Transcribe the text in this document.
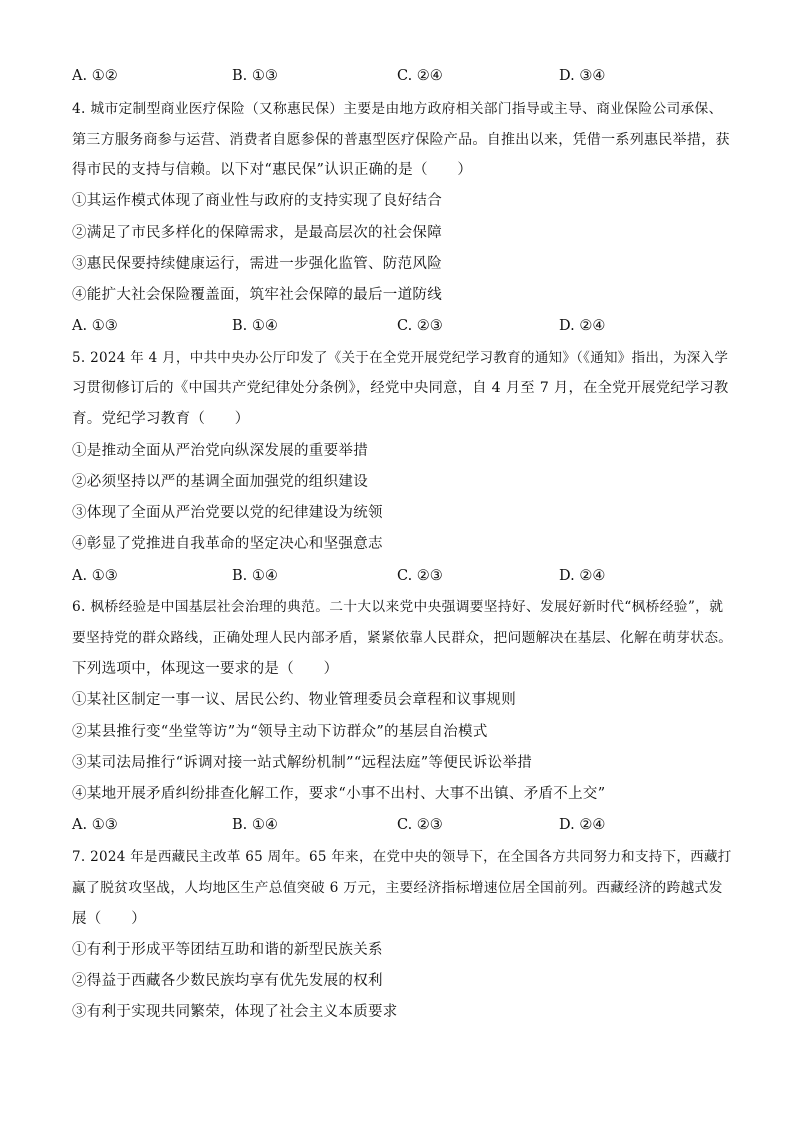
A. ①②	B. ①③	C. ②④	D. ③④
4. 城市定制型商业医疗保险（又称惠民保）主要是由地方政府相关部门指导或主导、商业保险公司承保、
第三方服务商参与运营、消费者自愿参保的普惠型医疗保险产品。自推出以来，凭借一系列惠民举措，获
得市民的支持与信赖。以下对“惠民保”认识正确的是（　　）
①其运作模式体现了商业性与政府的支持实现了良好结合
②满足了市民多样化的保障需求，是最高层次的社会保障
③惠民保要持续健康运行，需进一步强化监管、防范风险
④能扩大社会保险覆盖面，筑牢社会保障的最后一道防线
A. ①③	B. ①④	C. ②③	D. ②④
5. 2024 年 4 月，中共中央办公厅印发了《关于在全党开展党纪学习教育的通知》（《通知》指出，为深入学
习贯彻修订后的《中国共产党纪律处分条例》，经党中央同意，自 4 月至 7 月，在全党开展党纪学习教
育。党纪学习教育（　　）
①是推动全面从严治党向纵深发展的重要举措
②必须坚持以严的基调全面加强党的组织建设
③体现了全面从严治党要以党的纪律建设为统领
④彰显了党推进自我革命的坚定决心和坚强意志
A. ①③	B. ①④	C. ②③	D. ②④
6. 枫桥经验是中国基层社会治理的典范。二十大以来党中央强调要坚持好、发展好新时代“枫桥经验”，就
要坚持党的群众路线，正确处理人民内部矛盾，紧紧依靠人民群众，把问题解决在基层、化解在萌芽状态。
下列选项中，体现这一要求的是（　　）
①某社区制定一事一议、居民公约、物业管理委员会章程和议事规则
②某县推行变“坐堂等访”为“领导主动下访群众”的基层自治模式
③某司法局推行“诉调对接一站式解纷机制”“远程法庭”等便民诉讼举措
④某地开展矛盾纠纷排查化解工作，要求“小事不出村、大事不出镇、矛盾不上交”
A. ①③	B. ①④	C. ②③	D. ②④
7. 2024 年是西藏民主改革 65 周年。65 年来，在党中央的领导下，在全国各方共同努力和支持下，西藏打
赢了脱贫攻坚战，人均地区生产总值突破 6 万元，主要经济指标增速位居全国前列。西藏经济的跨越式发
展（　　）
①有利于形成平等团结互助和谐的新型民族关系
②得益于西藏各少数民族均享有优先发展的权利
③有利于实现共同繁荣，体现了社会主义本质要求
